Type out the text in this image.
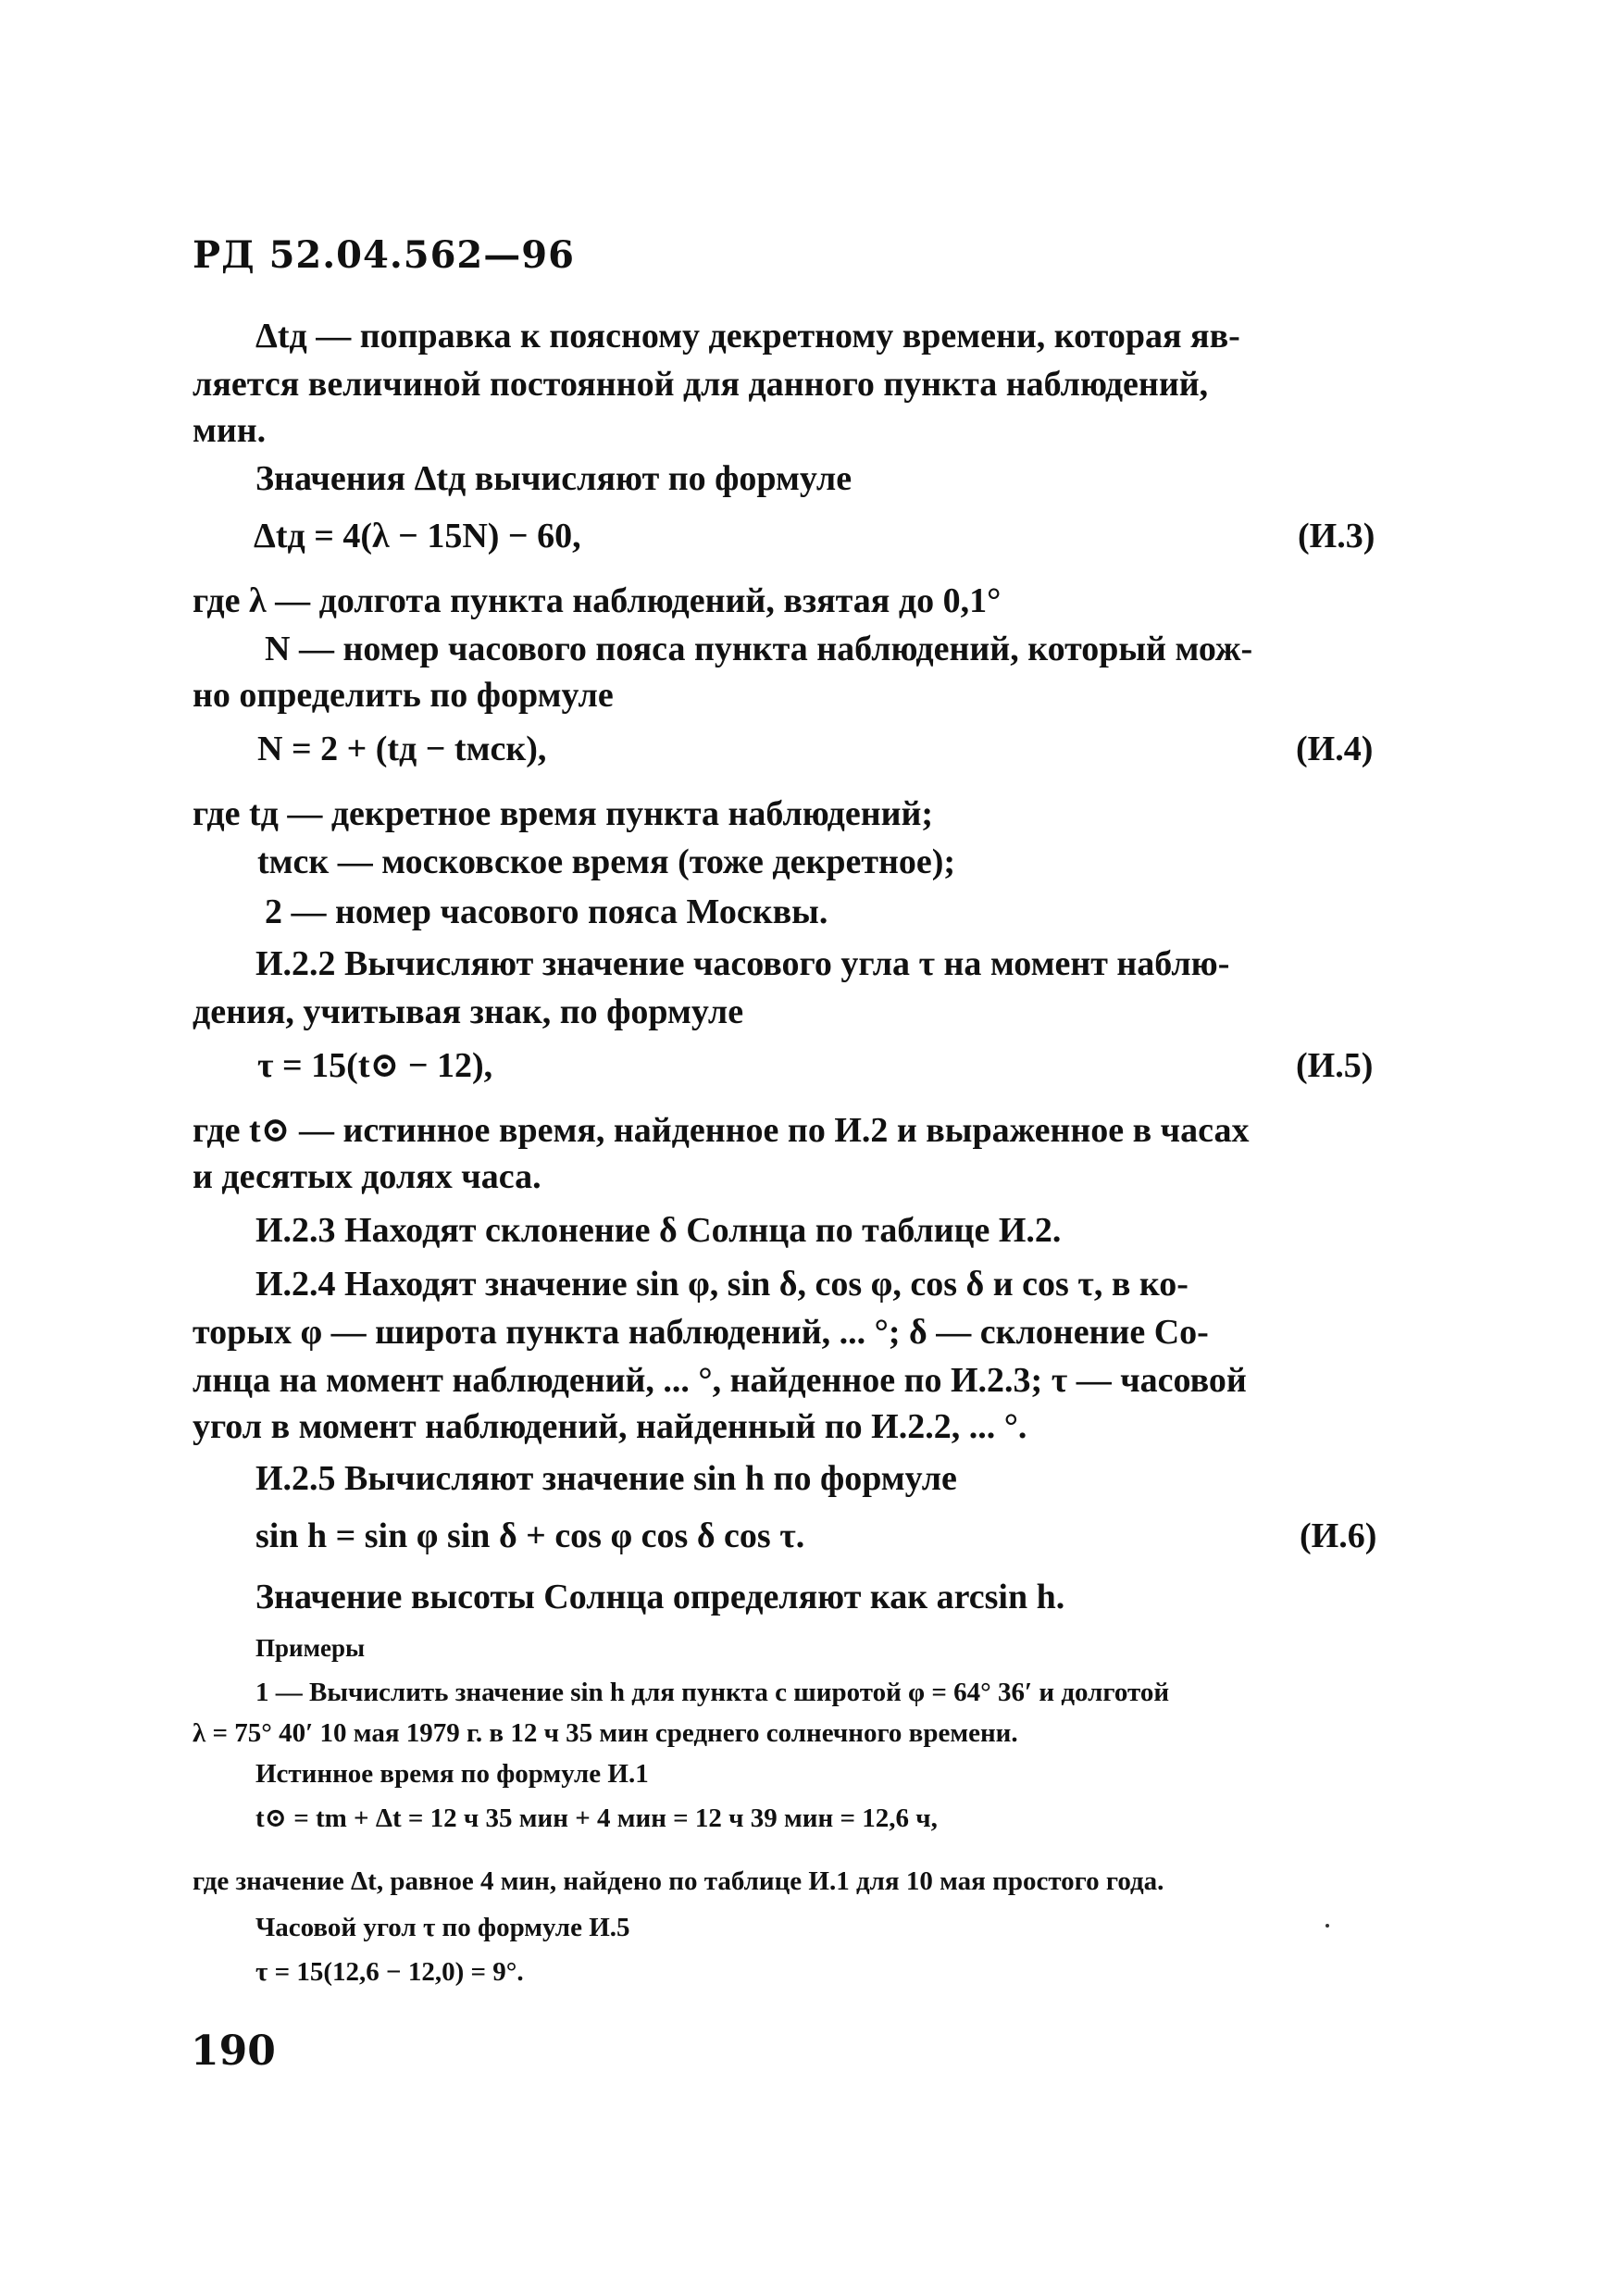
РД 52.04.562—96
Δtд — поправка к поясному декретному времени, которая яв-
ляется величиной постоянной для данного пункта наблюдений,
мин.
Значения Δtд вычисляют по формуле
Δtд = 4(λ − 15N) − 60,	(И.3)
где λ — долгота пункта наблюдений, взятая до 0,1°
N — номер часового пояса пункта наблюдений, который мож-
но определить по формуле
N = 2 + (tд − tмск),	(И.4)
где tд — декретное время пункта наблюдений;
tмск — московское время (тоже декретное);
2 — номер часового пояса Москвы.
И.2.2 Вычисляют значение часового угла τ на момент наблю-
дения, учитывая знак, по формуле
τ = 15(t⊙ − 12),	(И.5)
где t⊙ — истинное время, найденное по И.2 и выраженное в часах
и десятых долях часа.
И.2.3 Находят склонение δ Солнца по таблице И.2.
И.2.4 Находят значение sin φ, sin δ, cos φ, cos δ и cos τ, в ко-
торых φ — широта пункта наблюдений, ... °; δ — склонение Со-
лнца на момент наблюдений, ... °, найденное по И.2.3; τ — часовой
угол в момент наблюдений, найденный по И.2.2, ... °.
И.2.5 Вычисляют значение sin h по формуле
sin h = sin φ sin δ + cos φ cos δ cos τ.	(И.6)
Значение высоты Солнца определяют как arcsin h.
Примеры
1 — Вычислить значение sin h для пункта с широтой φ = 64° 36′ и долготой
λ = 75° 40′ 10 мая 1979 г. в 12 ч 35 мин среднего солнечного времени.
Истинное время по формуле И.1
t⊙ = tm + Δt = 12 ч 35 мин + 4 мин = 12 ч 39 мин = 12,6 ч,
где значение Δt, равное 4 мин, найдено по таблице И.1 для 10 мая простого года.
Часовой угол τ по формуле И.5
τ = 15(12,6 − 12,0) = 9°.
190
